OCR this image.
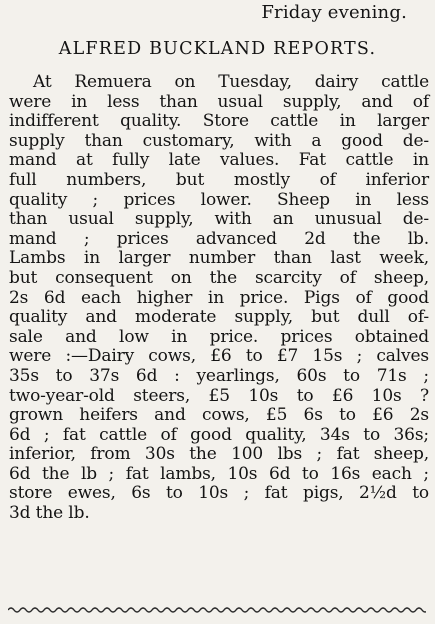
Friday evening.
ALFRED BUCKLAND REPORTS.
At Remuera on Tuesday, dairy cattle
were in less than usual supply, and of
indifferent quality. Store cattle in larger
supply than customary, with a good de-
mand at fully late values. Fat cattle in
full numbers, but mostly of inferior
quality ; prices lower. Sheep in less
than usual supply, with an unusual de-
mand ; prices advanced 2d the lb.
Lambs in larger number than last week,
but consequent on the scarcity of sheep,
2s 6d each higher in price. Pigs of good
quality and moderate supply, but dull of-
sale and low in price. prices obtained
were :—Dairy cows, £6 to £7 15s ; calves
35s to 37s 6d : yearlings, 60s to 71s ;
two-year-old steers, £5 10s to £6 10s ?
grown heifers and cows, £5 6s to £6 2s
6d ; fat cattle of good quality, 34s to 36s;
inferior, from 30s the 100 lbs ; fat sheep,
6d the lb ; fat lambs, 10s 6d to 16s each ;
store ewes, 6s to 10s ; fat pigs, 2½d to
3d the lb.
